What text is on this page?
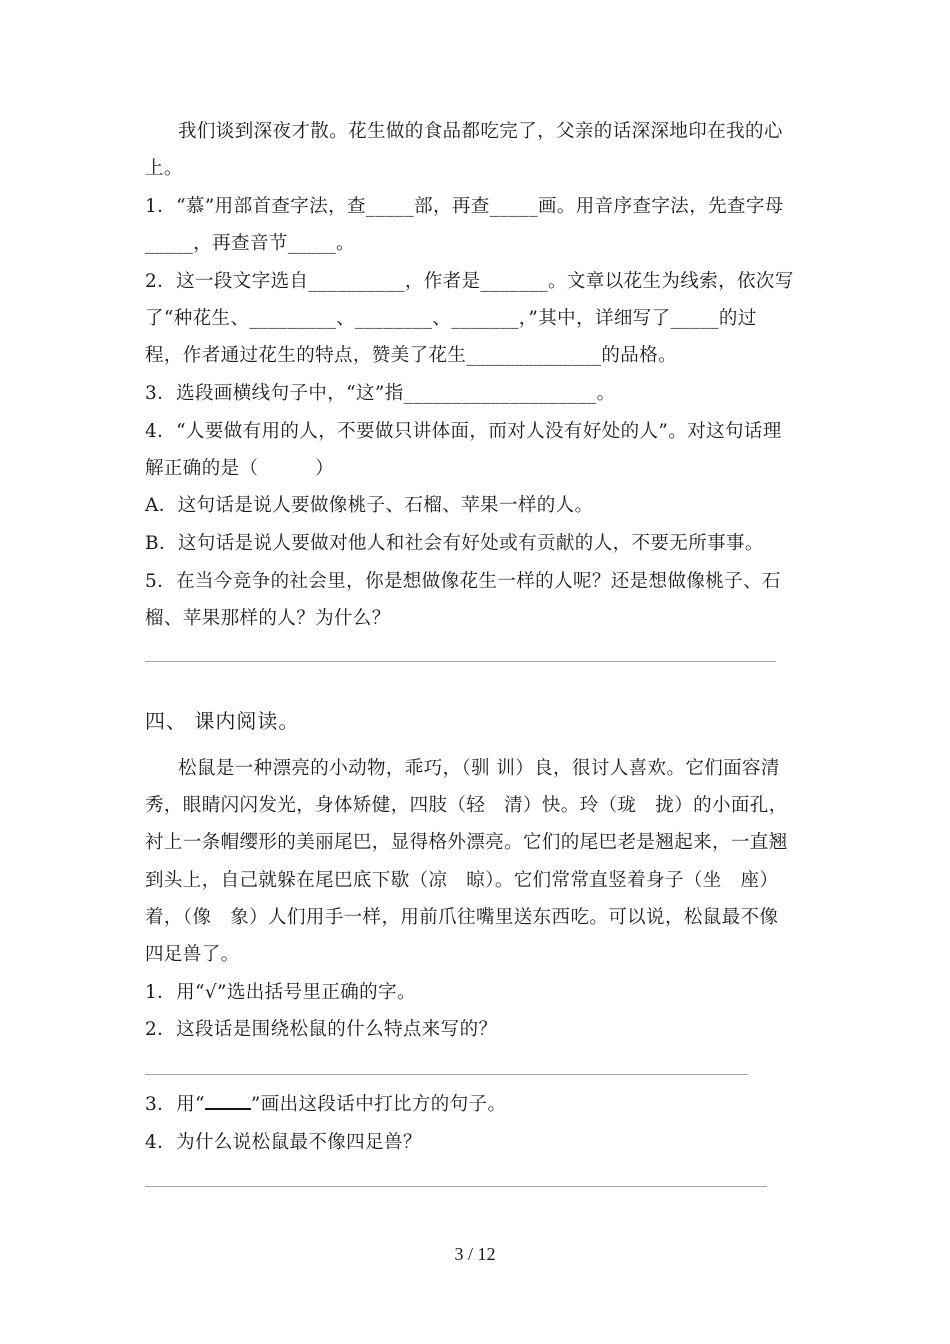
我们谈到深夜才散。花生做的食品都吃完了，父亲的话深深地印在我的心
上。
1．“慕”用部首查字法，查_____部，再查_____画。用音序查字法，先查字母
_____，再查音节_____。
2．这一段文字选自__________，作者是_______。文章以花生为线索，依次写
了“种花生、_________、________、_______，”其中，详细写了_____的过
程，作者通过花生的特点，赞美了花生______________的品格。
3．选段画横线句子中，“这”指____________________。
4．“人要做有用的人，不要做只讲体面，而对人没有好处的人”。对这句话理
解正确的是（　　　）
A．这句话是说人要做像桃子、石榴、苹果一样的人。
B．这句话是说人要做对他人和社会有好处或有贡献的人，不要无所事事。
5．在当今竞争的社会里，你是想做像花生一样的人呢？还是想做像桃子、石
榴、苹果那样的人？为什么？
四、 课内阅读。
松鼠是一种漂亮的小动物，乖巧，（驯 训）良，很讨人喜欢。它们面容清
秀，眼睛闪闪发光，身体矫健，四肢（轻　清）快。玲（珑　拢）的小面孔，
衬上一条帽缨形的美丽尾巴，显得格外漂亮。它们的尾巴老是翘起来，一直翘
到头上，自己就躲在尾巴底下歇（凉　晾）。它们常常直竖着身子（坐　座）
着，（像　象）人们用手一样，用前爪往嘴里送东西吃。可以说，松鼠最不像
四足兽了。
1．用“√”选出括号里正确的字。
2．这段话是围绕松鼠的什么特点来写的？
3．用“ ”画出这段话中打比方的句子。
4．为什么说松鼠最不像四足兽？
3 / 12
